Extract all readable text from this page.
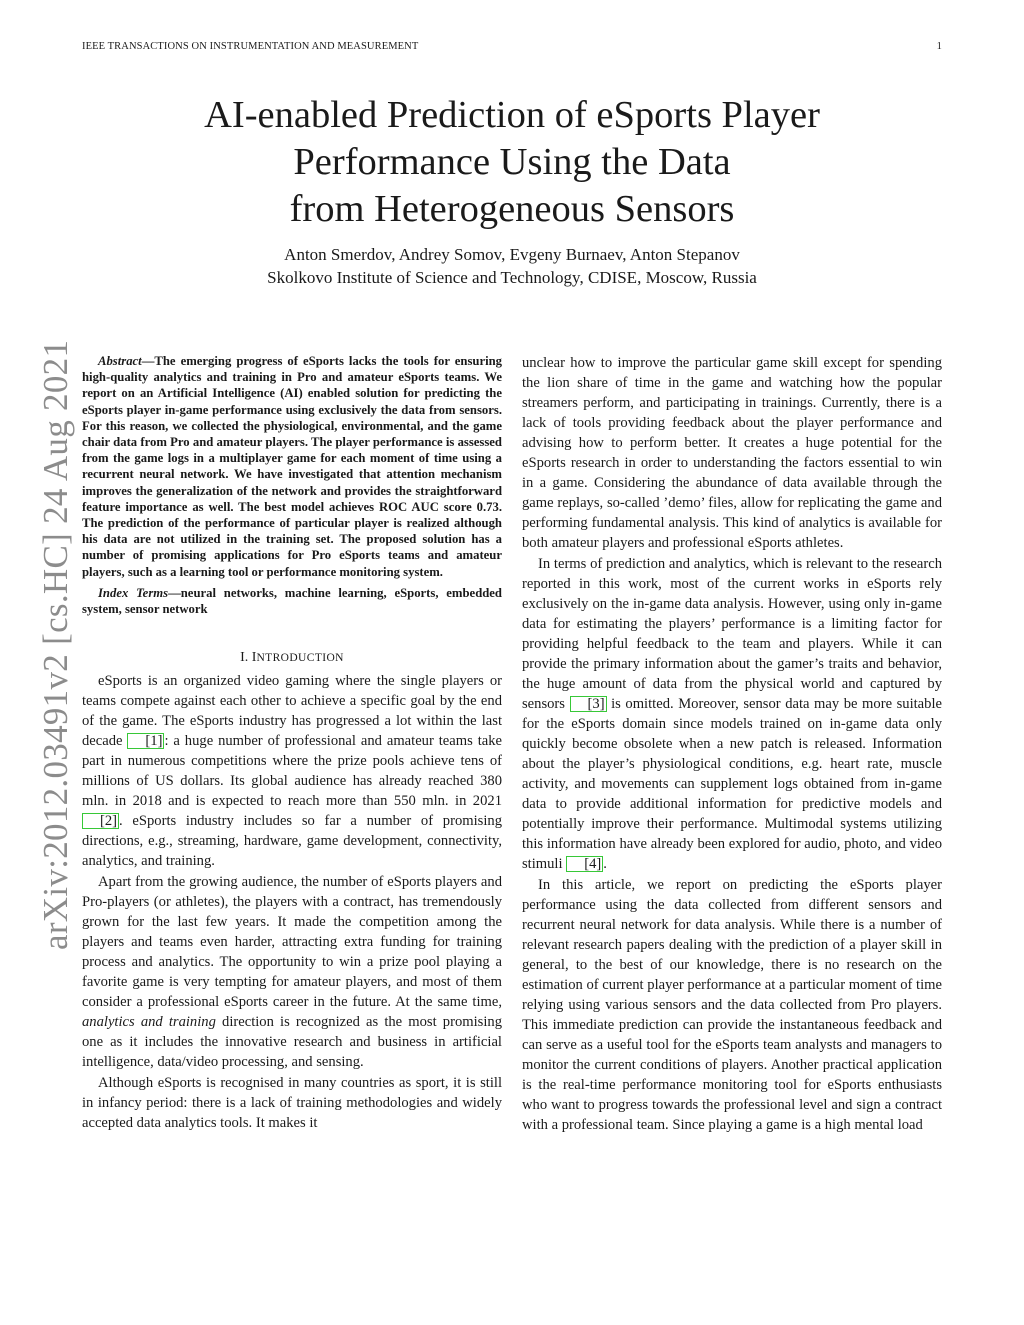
IEEE TRANSACTIONS ON INSTRUMENTATION AND MEASUREMENT	1
arXiv:2012.03491v2 [cs.HC] 24 Aug 2021
AI-enabled Prediction of eSports Player
Performance Using the Data
from Heterogeneous Sensors
Anton Smerdov, Andrey Somov, Evgeny Burnaev, Anton Stepanov
Skolkovo Institute of Science and Technology, CDISE, Moscow, Russia

Abstract—The emerging progress of eSports lacks the tools for ensuring high-quality analytics and training in Pro and amateur eSports teams. We report on an Artificial Intelligence (AI) enabled solution for predicting the eSports player in-game performance using exclusively the data from sensors. For this reason, we collected the physiological, environmental, and the game chair data from Pro and amateur players. The player performance is assessed from the game logs in a multiplayer game for each moment of time using a recurrent neural network. We have investigated that attention mechanism improves the generalization of the network and provides the straightforward feature importance as well. The best model achieves ROC AUC score 0.73. The prediction of the performance of particular player is realized although his data are not utilized in the training set. The proposed solution has a number of promising applications for Pro eSports teams and amateur players, such as a learning tool or performance monitoring system.

Index Terms—neural networks, machine learning, eSports, embedded system, sensor network

I. INTRODUCTION

eSports is an organized video gaming where the single players or teams compete against each other to achieve a specific goal by the end of the game. The eSports industry has progressed a lot within the last decade [1] : a huge number of professional and amateur teams take part in numerous competitions where the prize pools achieve tens of millions of US dollars. Its global audience has already reached 380 mln. in 2018 and is expected to reach more than 550 mln. in 2021 [2] . eSports industry includes so far a number of promising directions, e.g., streaming, hardware, game development, connectivity, analytics, and training.

Apart from the growing audience, the number of eSports players and Pro-players (or athletes), the players with a contract, has tremendously grown for the last few years. It made the competition among the players and teams even harder, attracting extra funding for training process and analytics. The opportunity to win a prize pool playing a favorite game is very tempting for amateur players, and most of them consider a professional eSports career in the future. At the same time, analytics and training direction is recognized as the most promising one as it includes the innovative research and business in artificial intelligence, data/video processing, and sensing.

Although eSports is recognised in many countries as sport, it is still in infancy period: there is a lack of training methodologies and widely accepted data analytics tools. It makes it

unclear how to improve the particular game skill except for spending the lion share of time in the game and watching how the popular streamers perform, and participating in trainings. Currently, there is a lack of tools providing feedback about the player performance and advising how to perform better. It creates a huge potential for the eSports research in order to understanding the factors essential to win in a game. Considering the abundance of data available through the game replays, so-called ’demo’ files, allow for replicating the game and performing fundamental analysis. This kind of analytics is available for both amateur players and professional eSports athletes.

In terms of prediction and analytics, which is relevant to the research reported in this work, most of the current works in eSports rely exclusively on the in-game data analysis. However, using only in-game data for estimating the players’ performance is a limiting factor for providing helpful feedback to the team and players. While it can provide the primary information about the gamer’s traits and behavior, the huge amount of data from the physical world and captured by sensors [3] is omitted. Moreover, sensor data may be more suitable for the eSports domain since models trained on in-game data only quickly become obsolete when a new patch is released. Information about the player’s physiological conditions, e.g. heart rate, muscle activity, and movements can supplement logs obtained from in-game data to provide additional information for predictive models and potentially improve their performance. Multimodal systems utilizing this information have already been explored for audio, photo, and video stimuli [4] .

In this article, we report on predicting the eSports player performance using the data collected from different sensors and recurrent neural network for data analysis. While there is a number of relevant research papers dealing with the prediction of a player skill in general, to the best of our knowledge, there is no research on the estimation of current player performance at a particular moment of time relying using various sensors and the data collected from Pro players. This immediate prediction can provide the instantaneous feedback and can serve as a useful tool for the eSports team analysts and managers to monitor the current conditions of players. Another practical application is the real-time performance monitoring tool for eSports enthusiasts who want to progress towards the professional level and sign a contract with a professional team. Since playing a game is a high mental load
